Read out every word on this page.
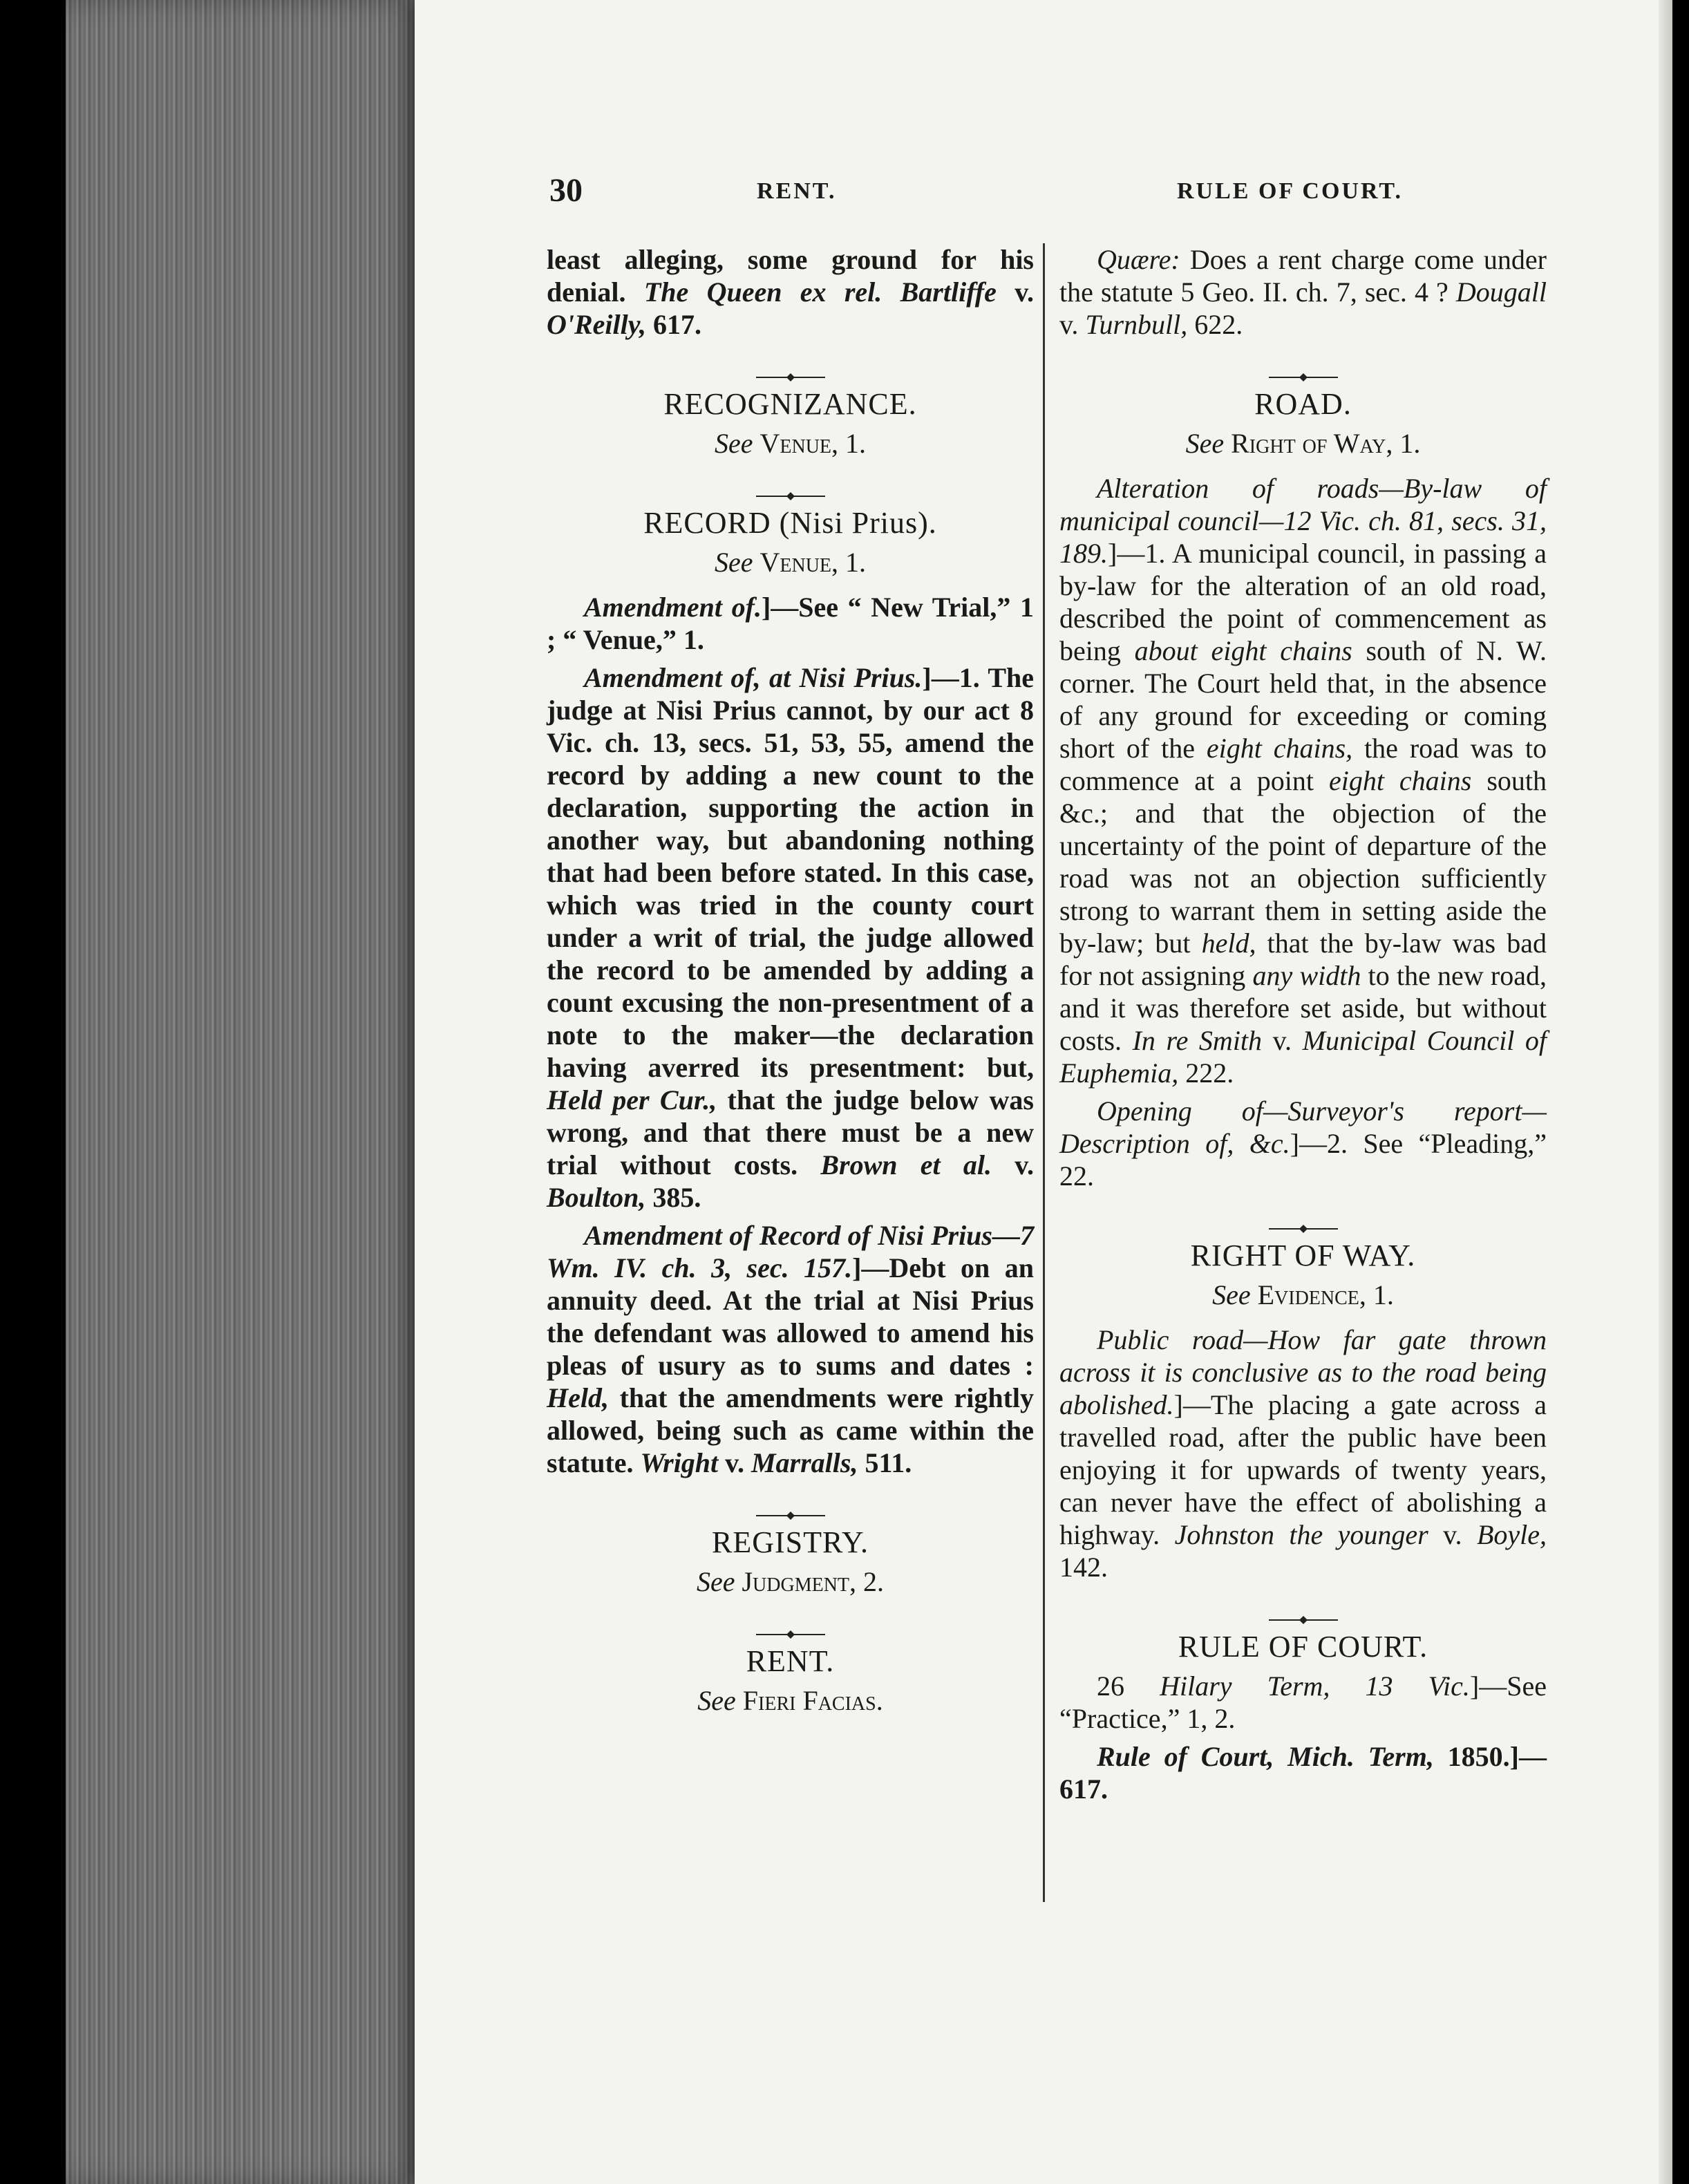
30	RENT.	RULE OF COURT.

least alleging, some ground for his denial. The Queen ex rel. Bartliffe v. O'Reilly, 617.

RECOGNIZANCE.
See Venue, 1.
RECORD (Nisi Prius).
See Venue, 1.

Amendment of.]—See “ New Trial,” 1 ; “ Venue,” 1.

Amendment of, at Nisi Prius.]—1. The judge at Nisi Prius cannot, by our act 8 Vic. ch. 13, secs. 51, 53, 55, amend the record by adding a new count to the declaration, supporting the action in another way, but abandoning nothing that had been before stated. In this case, which was tried in the county court under a writ of trial, the judge allowed the record to be amended by adding a count excusing the non-presentment of a note to the maker—the declaration having averred its presentment: but, Held per Cur., that the judge below was wrong, and that there must be a new trial without costs. Brown et al. v. Boulton, 385.

Amendment of Record of Nisi Prius—7 Wm. IV. ch. 3, sec. 157.]—Debt on an annuity deed. At the trial at Nisi Prius the defendant was allowed to amend his pleas of usury as to sums and dates : Held, that the amendments were rightly allowed, being such as came within the statute. Wright v. Marralls, 511.

REGISTRY.
See Judgment, 2.
RENT.
See Fieri Facias.

Quære: Does a rent charge come under the statute 5 Geo. II. ch. 7, sec. 4 ? Dougall v. Turnbull, 622.

ROAD.
See Right of Way, 1.

Alteration of roads—By-law of municipal council—12 Vic. ch. 81, secs. 31, 189.]—1. A municipal council, in passing a by-law for the alteration of an old road, described the point of commencement as being about eight chains south of N. W. corner. The Court held that, in the absence of any ground for exceeding or coming short of the eight chains, the road was to commence at a point eight chains south &c.; and that the objection of the uncertainty of the point of departure of the road was not an objection sufficiently strong to warrant them in setting aside the by-law; but held, that the by-law was bad for not assigning any width to the new road, and it was therefore set aside, but without costs. In re Smith v. Municipal Council of Euphemia, 222.

Opening of—Surveyor's report—Description of, &c.]—2. See “Pleading,” 22.

RIGHT OF WAY.
See Evidence, 1.

Public road—How far gate thrown across it is conclusive as to the road being abolished.]—The placing a gate across a travelled road, after the public have been enjoying it for upwards of twenty years, can never have the effect of abolishing a highway. Johnston the younger v. Boyle, 142.

RULE OF COURT.

26 Hilary Term, 13 Vic.]—See “Practice,” 1, 2.

Rule of Court, Mich. Term, 1850.]—617.
